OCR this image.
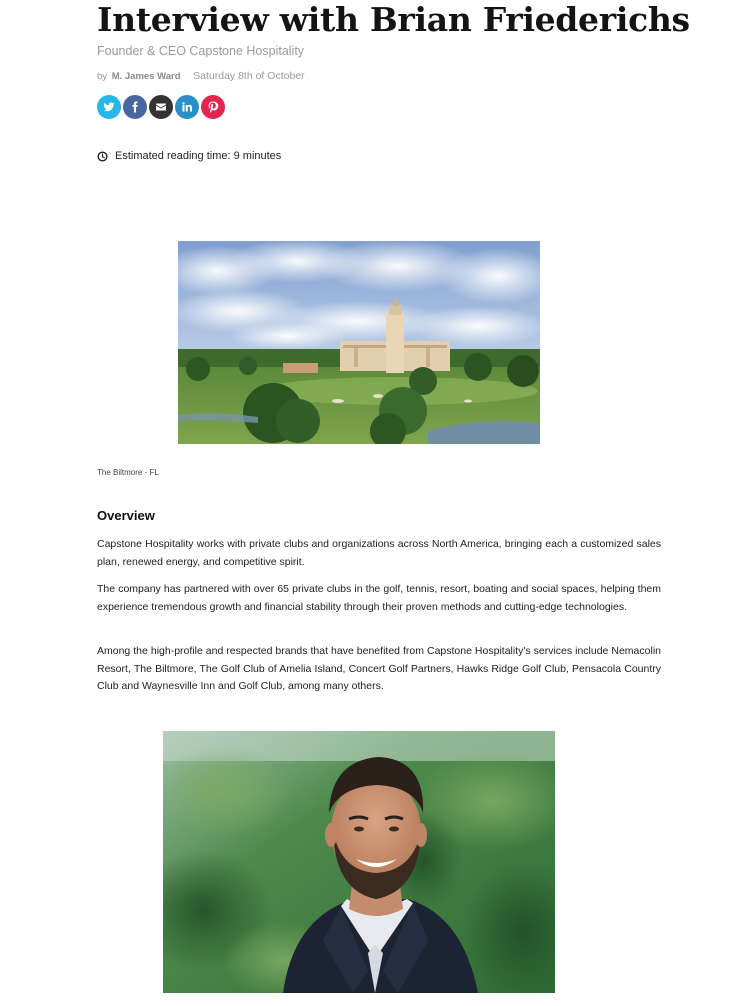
Interview with Brian Friederichs
Founder & CEO Capstone Hospitality
by M. James Ward Saturday 8th of October
Estimated reading time: 9 minutes
The Biltmore - FL
Overview

Capstone Hospitality works with private clubs and organizations across North America, bringing each a customized sales plan, renewed energy, and competitive spirit.

The company has partnered with over 65 private clubs in the golf, tennis, resort, boating and social spaces, helping them experience tremendous growth and financial stability through their proven methods and cutting-edge technologies.

Among the high-profile and respected brands that have benefited from Capstone Hospitality's services include Nemacolin Resort, The Biltmore, The Golf Club of Amelia Island, Concert Golf Partners, Hawks Ridge Golf Club, Pensacola Country Club and Waynesville Inn and Golf Club, among many others.
